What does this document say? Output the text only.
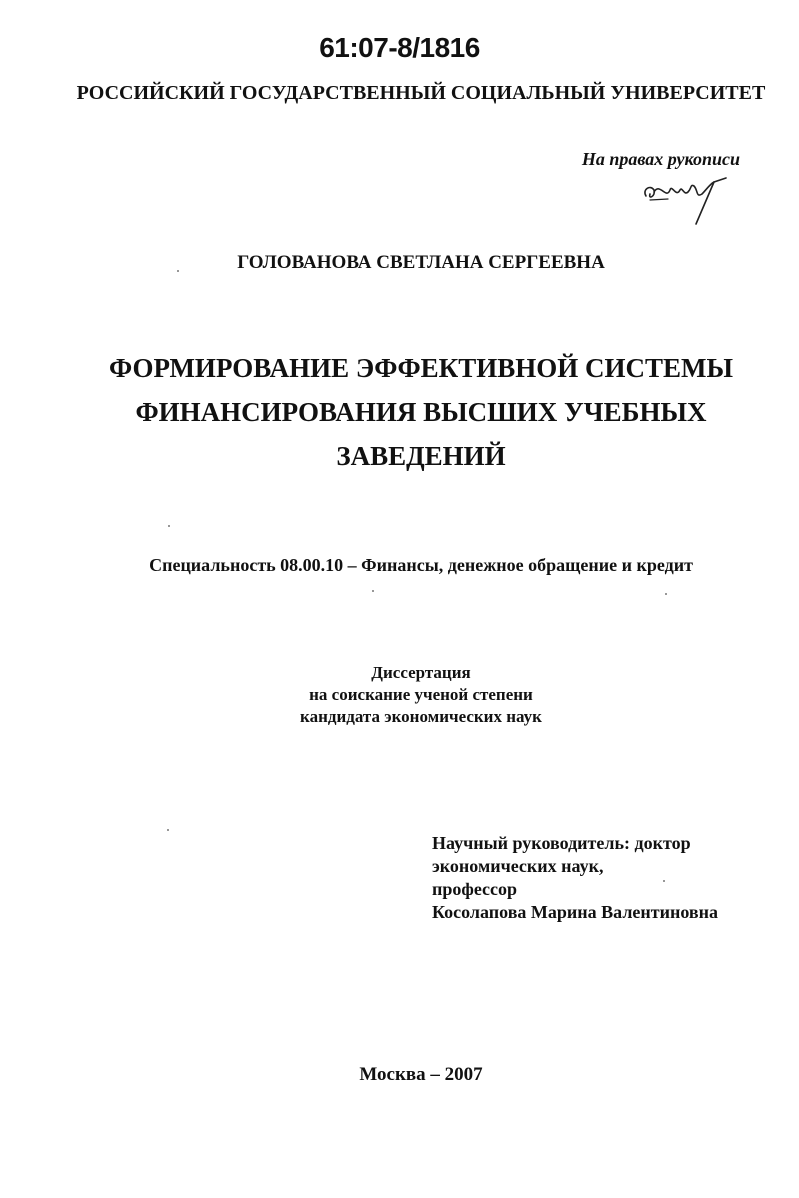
61:07-8/1816
РОССИЙСКИЙ ГОСУДАРСТВЕННЫЙ СОЦИАЛЬНЫЙ УНИВЕРСИТЕТ
На правах рукописи
ГОЛОВАНОВА СВЕТЛАНА СЕРГЕЕВНА
ФОРМИРОВАНИЕ ЭФФЕКТИВНОЙ СИСТЕМЫ
ФИНАНСИРОВАНИЯ ВЫСШИХ УЧЕБНЫХ
ЗАВЕДЕНИЙ
Специальность 08.00.10 – Финансы, денежное обращение и кредит
Диссертация
на соискание ученой степени
кандидата экономических наук
Научный руководитель: доктор
экономических наук,
профессор
Косолапова Марина Валентиновна
Москва – 2007
